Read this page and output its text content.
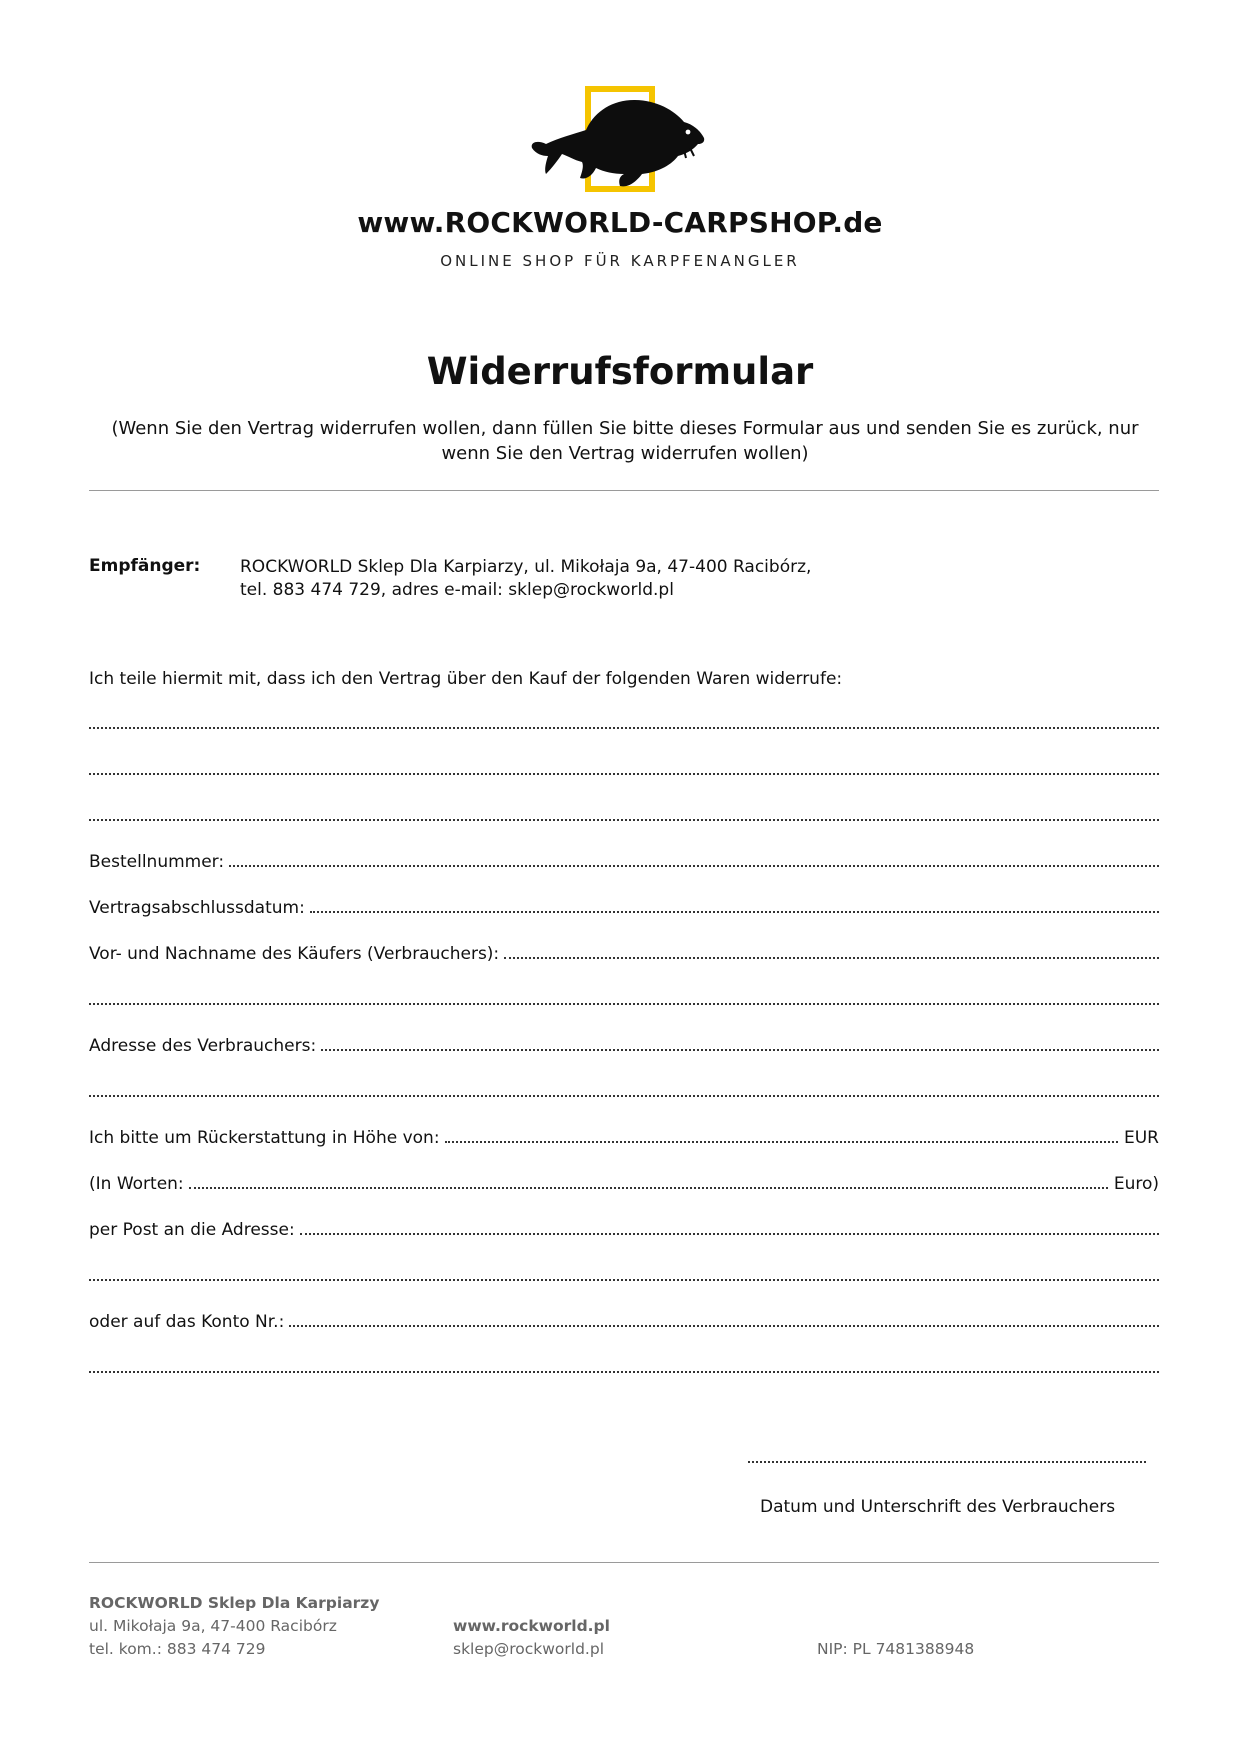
www.ROCKWORLD-CARPSHOP.de
ONLINE SHOP FÜR KARPFENANGLER
Widerrufsformular
(Wenn Sie den Vertrag widerrufen wollen, dann füllen Sie bitte dieses Formular aus und senden Sie es zurück, nur wenn Sie den Vertrag widerrufen wollen)
Empfänger: ROCKWORLD Sklep Dla Karpiarzy, ul. Mikołaja 9a, 47-400 Racibórz,
tel. 883 474 729, adres e-mail: sklep@rockworld.pl
Ich teile hiermit mit, dass ich den Vertrag über den Kauf der folgenden Waren widerrufe:
Bestellnummer:
Vertragsabschlussdatum:
Vor- und Nachname des Käufers (Verbrauchers):
Adresse des Verbrauchers:
Ich bitte um Rückerstattung in Höhe von:	EUR
(In Worten:	Euro)
per Post an die Adresse:
oder auf das Konto Nr.:
Datum und Unterschrift des Verbrauchers
ROCKWORLD Sklep Dla Karpiarzy
ul. Mikołaja 9a, 47-400 Racibórz
tel. kom.: 883 474 729
www.rockworld.pl
sklep@rockworld.pl	NIP: PL 7481388948
